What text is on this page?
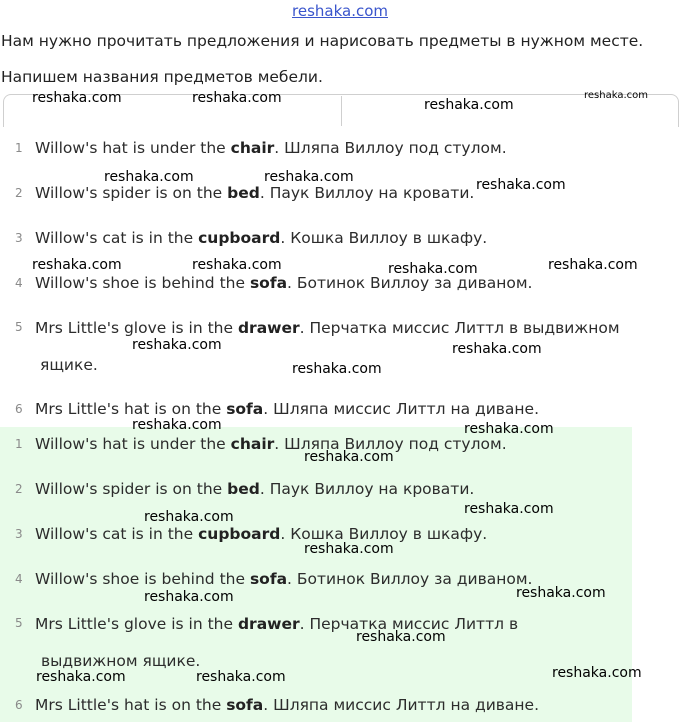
reshaka.com
Нам нужно прочитать предложения и нарисовать предметы в нужном месте.
Напишем названия предметов мебели.
1 Willow's hat is under the chair. Шляпа Виллоу под стулом.
2 Willow's spider is on the bed. Паук Виллоу на кровати.
3 Willow's cat is in the cupboard. Кошка Виллоу в шкафу.
4 Willow's shoe is behind the sofa. Ботинок Виллоу за диваном.
5 Mrs Little's glove is in the drawer. Перчатка миссис Литтл в выдвижном
ящике.
6 Mrs Little's hat is on the sofa. Шляпа миссис Литтл на диване.
1 Willow's hat is under the chair. Шляпа Виллоу под стулом.
2 Willow's spider is on the bed. Паук Виллоу на кровати.
3 Willow's cat is in the cupboard. Кошка Виллоу в шкафу.
4 Willow's shoe is behind the sofa. Ботинок Виллоу за диваном.
5 Mrs Little's glove is in the drawer. Перчатка миссис Литтл в
выдвижном ящике.
6 Mrs Little's hat is on the sofa. Шляпа миссис Литтл на диване.
reshaka.com	reshaka.com	reshaka.com
reshaka.com
reshaka.com	reshaka.com	reshaka.com
reshaka.com	reshaka.com	reshaka.com	reshaka.com
reshaka.com	reshaka.com
reshaka.com
reshaka.com	reshaka.com
reshaka.com
reshaka.com
reshaka.com
reshaka.com
reshaka.com
reshaka.com
reshaka.com
reshaka.com
reshaka.com	reshaka.com
